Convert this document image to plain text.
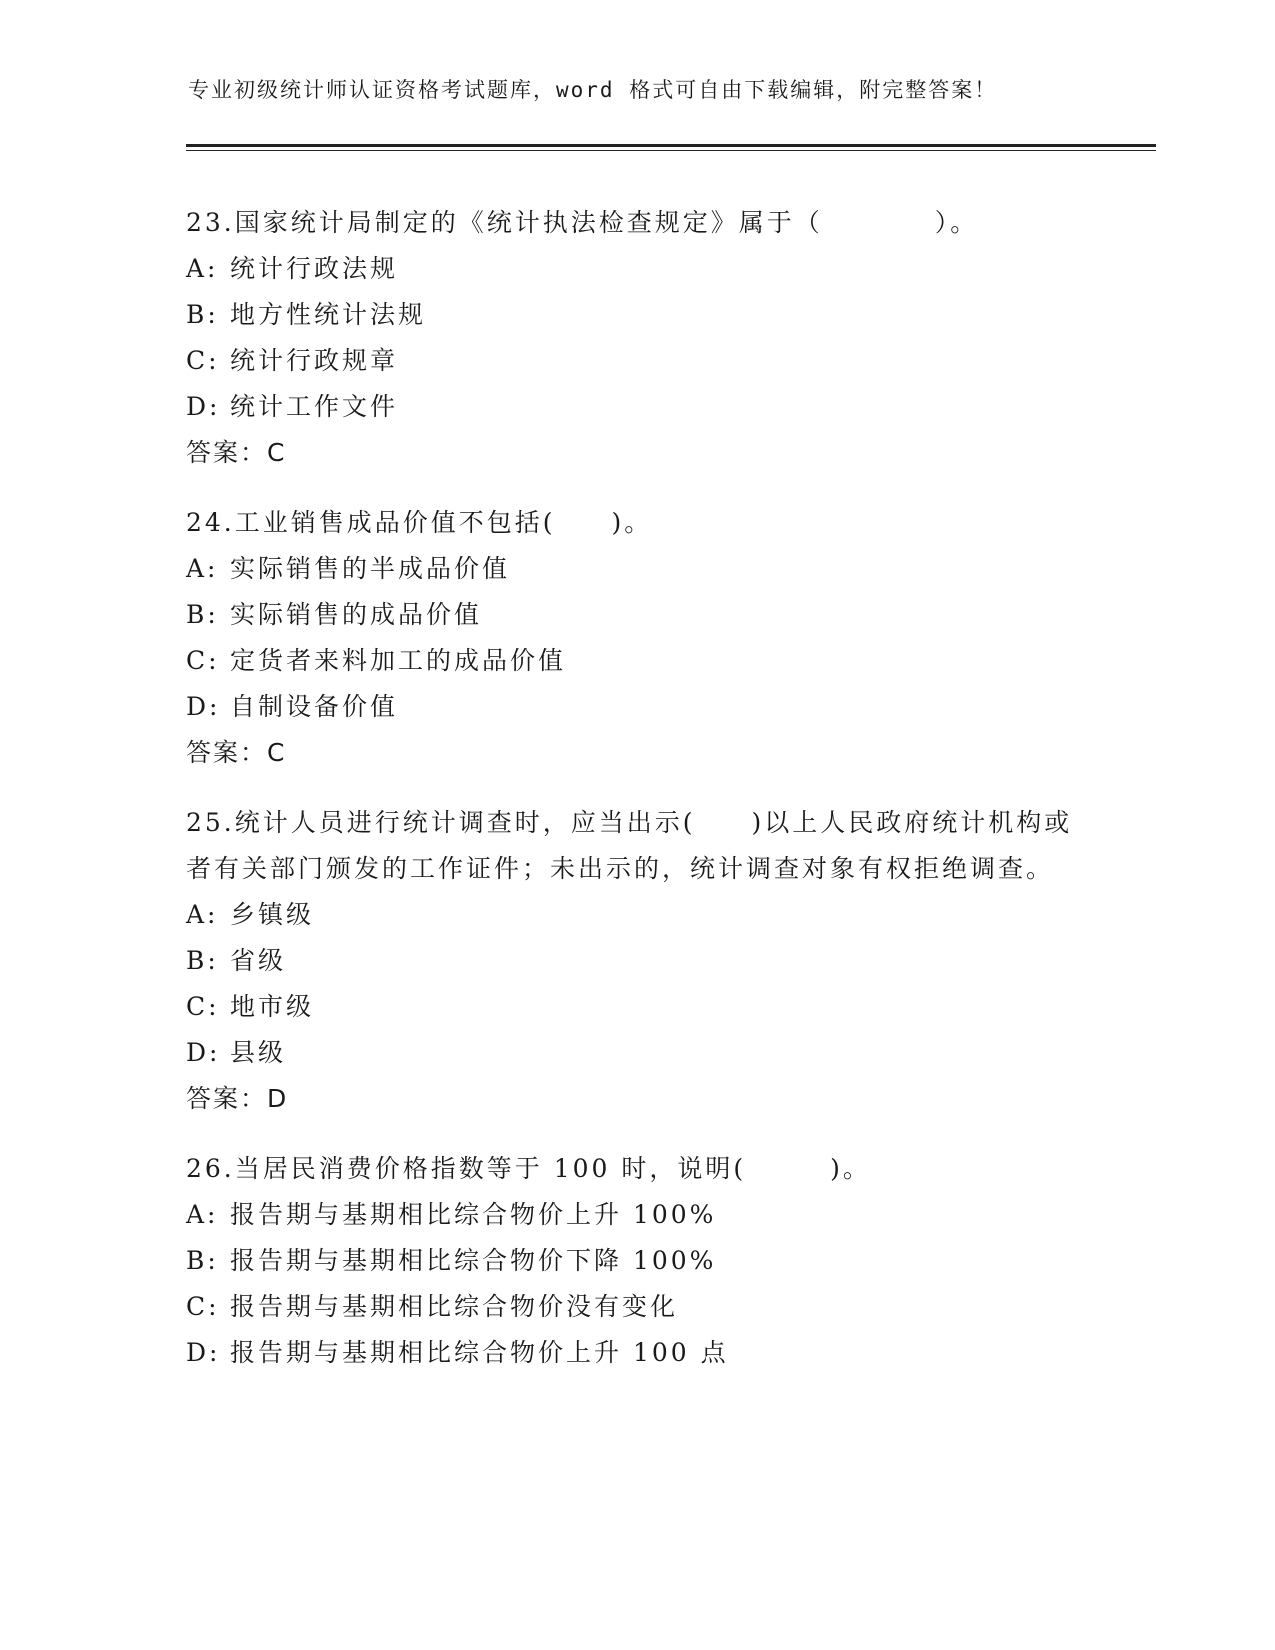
专业初级统计师认证资格考试题库，word 格式可自由下载编辑，附完整答案！
23.国家统计局制定的《统计执法检查规定》属于（　　　　）。
A: 统计行政法规
B: 地方性统计法规
C: 统计行政规章
D: 统计工作文件
答案：C
24.工业销售成品价值不包括(　　)。
A: 实际销售的半成品价值
B: 实际销售的成品价值
C: 定货者来料加工的成品价值
D: 自制设备价值
答案：C
25.统计人员进行统计调查时，应当出示(　　)以上人民政府统计机构或者有关部门颁发的工作证件；未出示的，统计调查对象有权拒绝调查。
A: 乡镇级
B: 省级
C: 地市级
D: 县级
答案：D
26.当居民消费价格指数等于 100 时，说明(　　　)。
A: 报告期与基期相比综合物价上升 100%
B: 报告期与基期相比综合物价下降 100%
C: 报告期与基期相比综合物价没有变化
D: 报告期与基期相比综合物价上升 100 点
